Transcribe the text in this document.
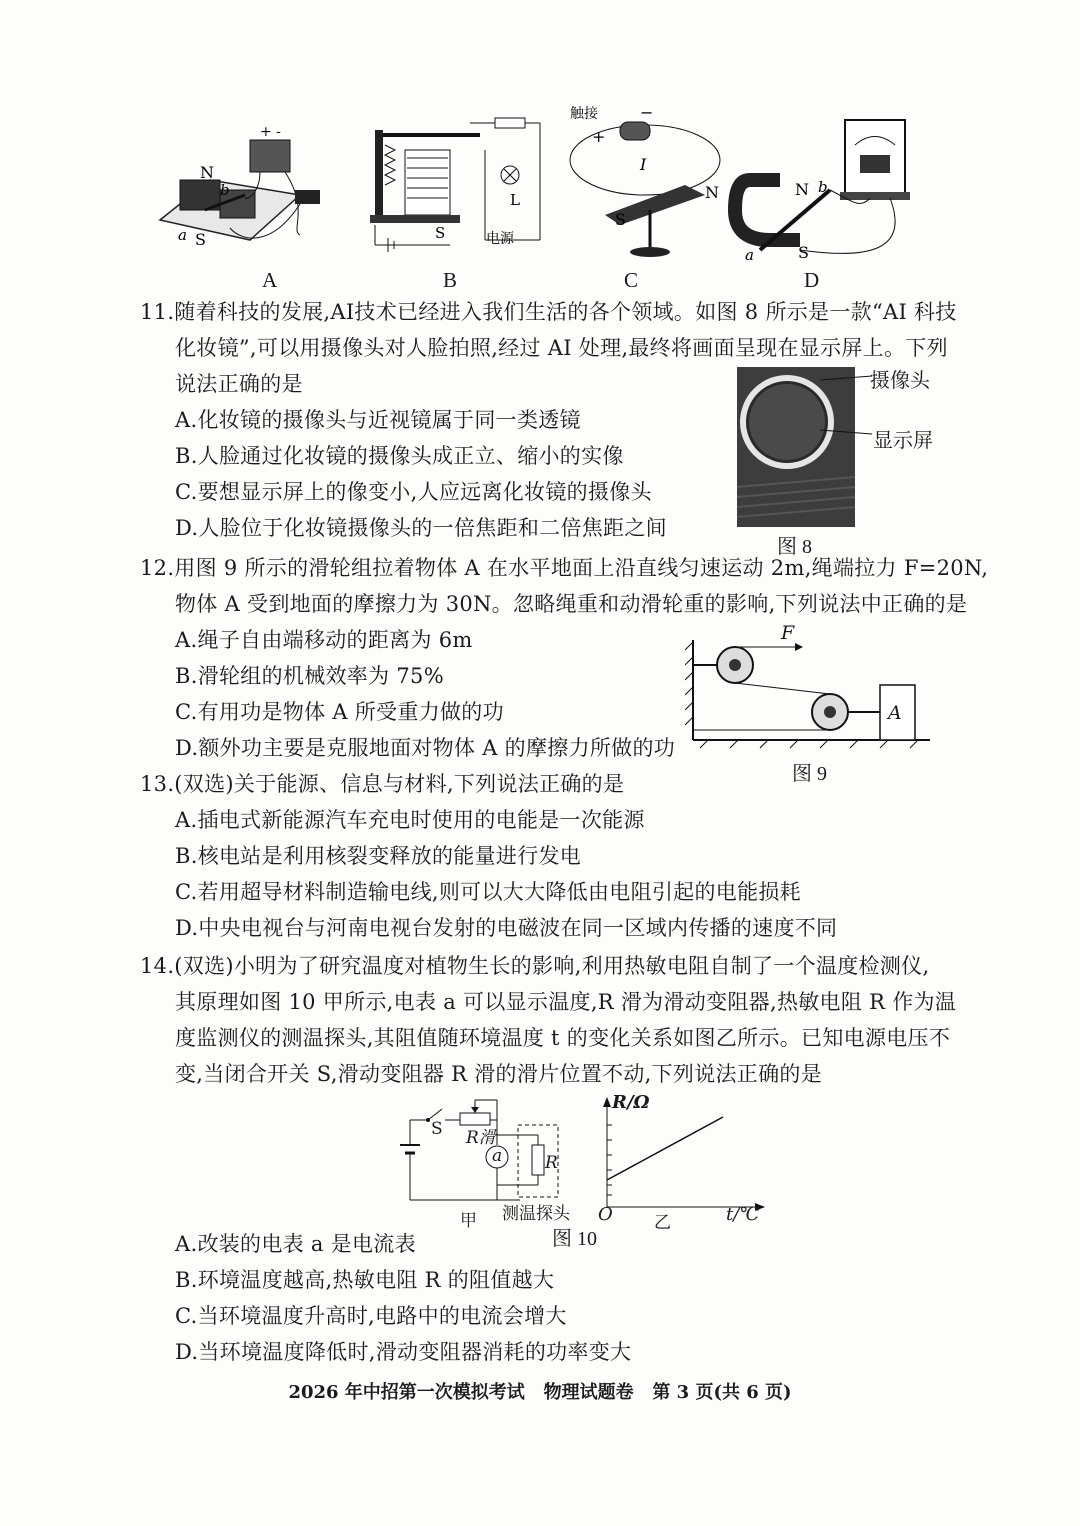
+ -
N
b
a S	S
L
电源
触接	−
+
I
N
S
N b
a	S
A	B	C	D
11.随着科技的发展,AI技术已经进入我们生活的各个领域。如图 8 所示是一款“AI 科技
化妆镜”,可以用摄像头对人脸拍照,经过 AI 处理,最终将画面呈现在显示屏上。下列
说法正确的是
A.化妆镜的摄像头与近视镜属于同一类透镜
B.人脸通过化妆镜的摄像头成正立、缩小的实像
C.要想显示屏上的像变小,人应远离化妆镜的摄像头
D.人脸位于化妆镜摄像头的一倍焦距和二倍焦距之间
摄像头
显示屏
图 8
12.用图 9 所示的滑轮组拉着物体 A 在水平地面上沿直线匀速运动 2m,绳端拉力 F=20N,
物体 A 受到地面的摩擦力为 30N。忽略绳重和动滑轮重的影响,下列说法中正确的是
A.绳子自由端移动的距离为 6m
B.滑轮组的机械效率为 75%
C.有用功是物体 A 所受重力做的功
D.额外功主要是克服地面对物体 A 的摩擦力所做的功
F
A
图 9
13.(双选)关于能源、信息与材料,下列说法正确的是
A.插电式新能源汽车充电时使用的电能是一次能源
B.核电站是利用核裂变释放的能量进行发电
C.若用超导材料制造输电线,则可以大大降低由电阻引起的电能损耗
D.中央电视台与河南电视台发射的电磁波在同一区域内传播的速度不同
14.(双选)小明为了研究温度对植物生长的影响,利用热敏电阻自制了一个温度检测仪,
其原理如图 10 甲所示,电表 a 可以显示温度,R 滑为滑动变阻器,热敏电阻 R 作为温
度监测仪的测温探头,其阻值随环境温度 t 的变化关系如图乙所示。已知电源电压不
变,当闭合开关 S,滑动变阻器 R 滑的滑片位置不动,下列说法正确的是
S R滑
a	R
测温探头
甲
R/Ω
O 乙	t/℃
图 10
A.改装的电表 a 是电流表
B.环境温度越高,热敏电阻 R 的阻值越大
C.当环境温度升高时,电路中的电流会增大
D.当环境温度降低时,滑动变阻器消耗的功率变大
2026 年中招第一次模拟考试   物理试题卷   第 3 页(共 6 页)
